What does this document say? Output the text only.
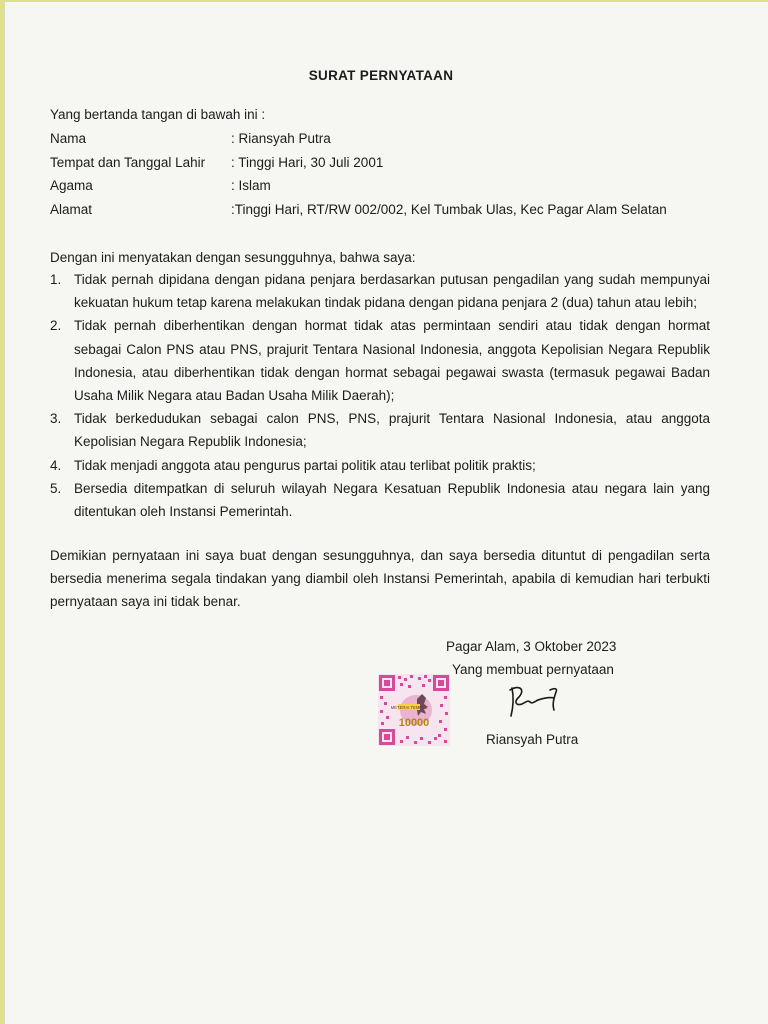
SURAT PERNYATAAN
Yang bertanda tangan di bawah ini :
Nama	: Riansyah Putra
Tempat dan Tanggal Lahir : Tinggi Hari, 30 Juli 2001
Agama	: Islam
Alamat	:Tinggi Hari, RT/RW 002/002, Kel Tumbak Ulas, Kec Pagar Alam Selatan
Dengan ini menyatakan dengan sesungguhnya, bahwa saya:
1. Tidak pernah dipidana dengan pidana penjara berdasarkan putusan pengadilan yang sudah mempunyai kekuatan hukum tetap karena melakukan tindak pidana dengan pidana penjara 2 (dua) tahun atau lebih;
2. Tidak pernah diberhentikan dengan hormat tidak atas permintaan sendiri atau tidak dengan hormat sebagai Calon PNS atau PNS, prajurit Tentara Nasional Indonesia, anggota Kepolisian Negara Republik Indonesia, atau diberhentikan tidak dengan hormat sebagai pegawai swasta (termasuk pegawai Badan Usaha Milik Negara atau Badan Usaha Milik Daerah);
3. Tidak berkedudukan sebagai calon PNS, PNS, prajurit Tentara Nasional Indonesia, atau anggota Kepolisian Negara Republik Indonesia;
4. Tidak menjadi anggota atau pengurus partai politik atau terlibat politik praktis;
5. Bersedia ditempatkan di seluruh wilayah Negara Kesatuan Republik Indonesia atau negara lain yang ditentukan oleh Instansi Pemerintah.
Demikian pernyataan ini saya buat dengan sesungguhnya, dan saya bersedia dituntut di pengadilan serta bersedia menerima segala tindakan yang diambil oleh Instansi Pemerintah, apabila di kemudian hari terbukti pernyataan saya ini tidak benar.
Pagar Alam, 3 Oktober 2023
Yang membuat pernyataan
METERAI TEMPEL
10000
Riansyah Putra
